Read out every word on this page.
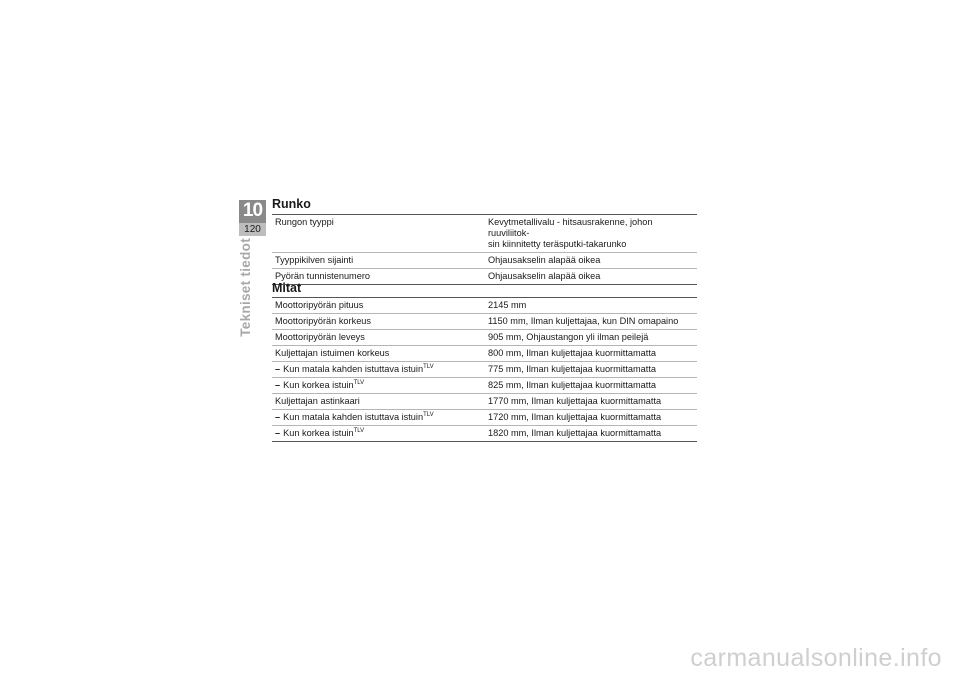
10
120
Tekniset tiedot
Runko
Rungon tyyppi	Kevytmetallivalu - hitsausrakenne, johon ruuviliitok-
sin kiinnitetty teräsputki-takarunko
Tyyppikilven sijainti	Ohjausakselin alapää oikea
Pyörän tunnistenumero	Ohjausakselin alapää oikea
Mitat
Moottoripyörän pituus	2145 mm
Moottoripyörän korkeus	1150 mm, Ilman kuljettajaa, kun DIN omapaino
Moottoripyörän leveys	905 mm, Ohjaustangon yli ilman peilejä
Kuljettajan istuimen korkeus	800 mm, Ilman kuljettajaa kuormittamatta
– Kun matala kahden istuttava istuin$^{TLV}$	775 mm, Ilman kuljettajaa kuormittamatta
– Kun korkea istuin$^{TLV}$	825 mm, Ilman kuljettajaa kuormittamatta
Kuljettajan astinkaari	1770 mm, Ilman kuljettajaa kuormittamatta
– Kun matala kahden istuttava istuin$^{TLV}$	1720 mm, Ilman kuljettajaa kuormittamatta
– Kun korkea istuin$^{TLV}$	1820 mm, Ilman kuljettajaa kuormittamatta
carmanualsonline.info
